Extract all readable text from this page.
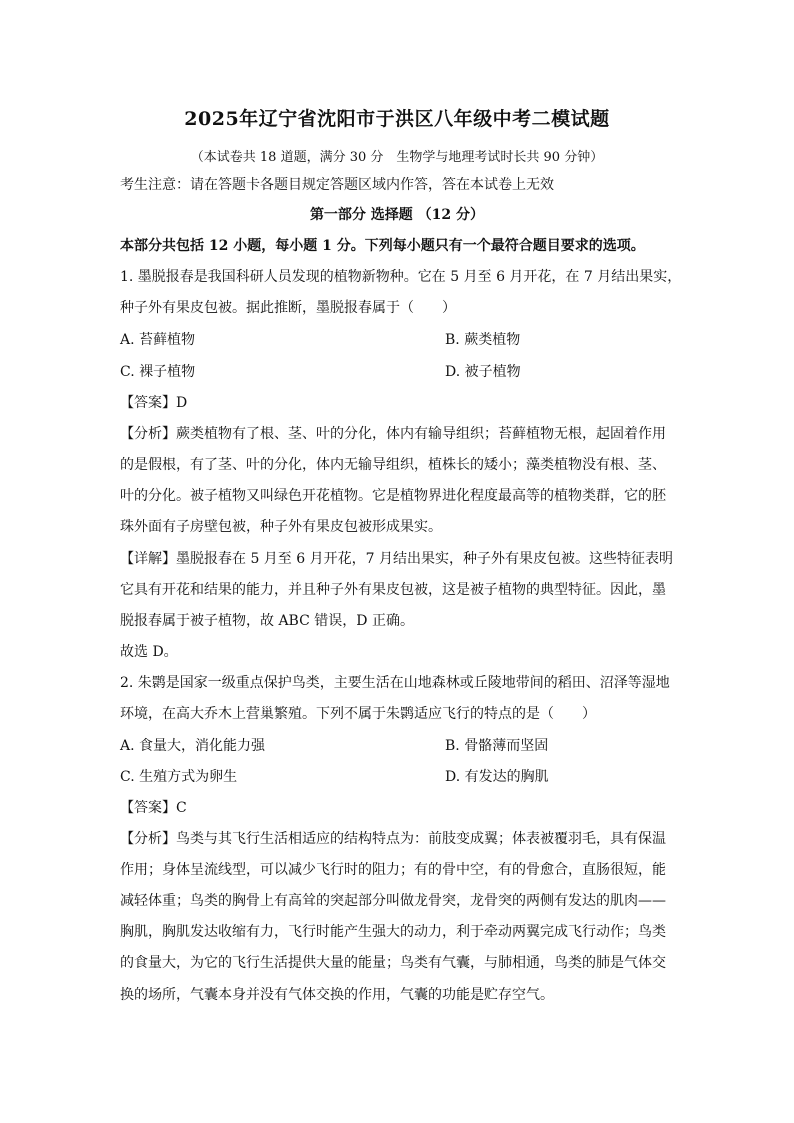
2025年辽宁省沈阳市于洪区八年级中考二模试题
（本试卷共 18 道题，满分 30 分　生物学与地理考试时长共 90 分钟）
考生注意：请在答题卡各题目规定答题区域内作答，答在本试卷上无效
第一部分 选择题 （12 分）
本部分共包括 12 小题，每小题 1 分。下列每小题只有一个最符合题目要求的选项。
1. 墨脱报春是我国科研人员发现的植物新物种。它在 5 月至 6 月开花，在 7 月结出果实，
种子外有果皮包被。据此推断，墨脱报春属于（　　）
A. 苔藓植物	B. 蕨类植物
C. 裸子植物	D. 被子植物
【答案】D
【分析】蕨类植物有了根、茎、叶的分化，体内有输导组织；苔藓植物无根，起固着作用
的是假根，有了茎、叶的分化，体内无输导组织，植株长的矮小；藻类植物没有根、茎、
叶的分化。被子植物又叫绿色开花植物。它是植物界进化程度最高等的植物类群，它的胚
珠外面有子房壁包被，种子外有果皮包被形成果实。
【详解】墨脱报春在 5 月至 6 月开花，7 月结出果实，种子外有果皮包被。这些特征表明
它具有开花和结果的能力，并且种子外有果皮包被，这是被子植物的典型特征。因此，墨
脱报春属于被子植物，故 ABC 错误，D 正确。
故选 D。
2. 朱鹮是国家一级重点保护鸟类，主要生活在山地森林或丘陵地带间的稻田、沼泽等湿地
环境，在高大乔木上营巢繁殖。下列不属于朱鹮适应飞行的特点的是（　　）
A. 食量大，消化能力强	B. 骨骼薄而坚固
C. 生殖方式为卵生	D. 有发达的胸肌
【答案】C
【分析】鸟类与其飞行生活相适应的结构特点为：前肢变成翼；体表被覆羽毛，具有保温
作用；身体呈流线型，可以减少飞行时的阻力；有的骨中空，有的骨愈合，直肠很短，能
减轻体重；鸟类的胸骨上有高耸的突起部分叫做龙骨突，龙骨突的两侧有发达的肌肉——
胸肌，胸肌发达收缩有力，飞行时能产生强大的动力，利于牵动两翼完成飞行动作；鸟类
的食量大，为它的飞行生活提供大量的能量；鸟类有气囊，与肺相通，鸟类的肺是气体交
换的场所，气囊本身并没有气体交换的作用，气囊的功能是贮存空气。
